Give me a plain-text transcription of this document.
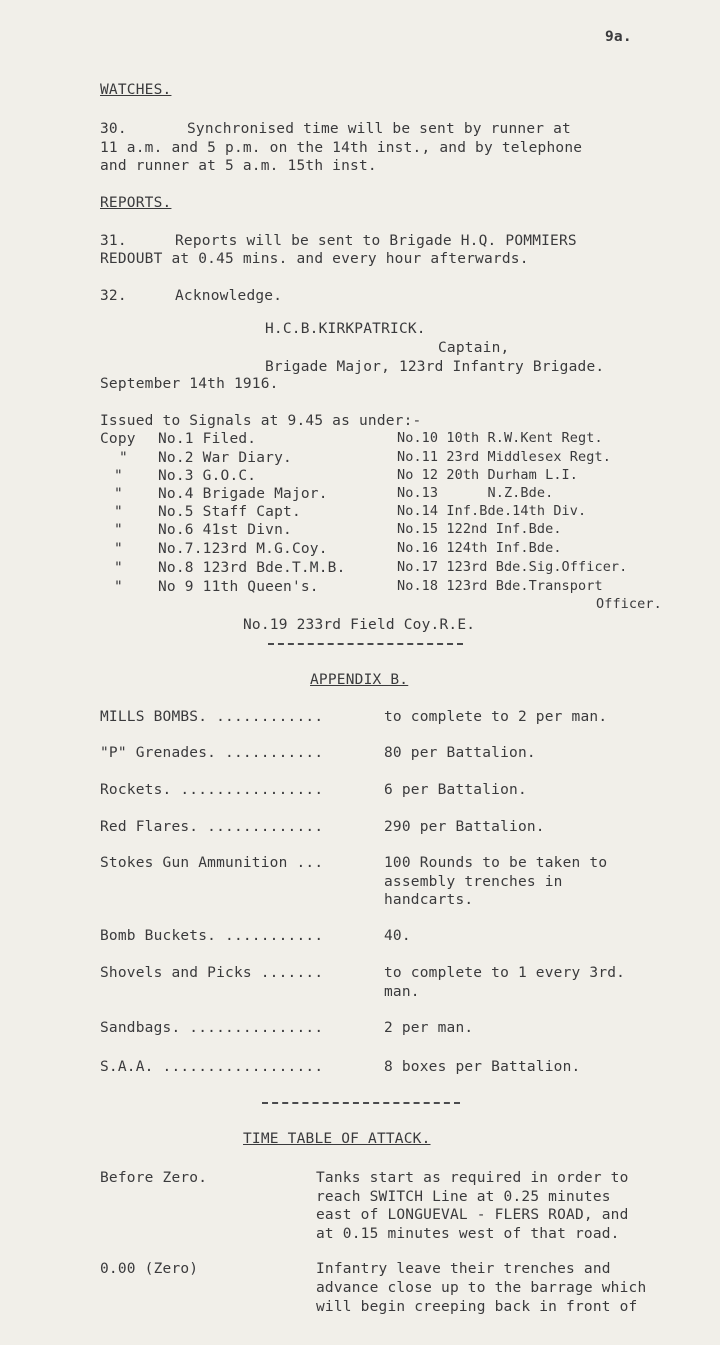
9a.
WATCHES.
30.	Synchronised time will be sent by runner at
11 a.m. and 5 p.m. on the 14th inst., and by telephone
and runner at 5 a.m. 15th inst.
REPORTS.
31.	Reports will be sent to Brigade H.Q. POMMIERS
REDOUBT at 0.45 mins. and every hour afterwards.
32.	Acknowledge.
H.C.B.KIRKPATRICK.
Captain,
Brigade Major, 123rd Infantry Brigade.
September 14th 1916.
Issued to Signals at 9.45 as under:-
Copy No.1 Filed.
" No.2 War Diary.
" No.3 G.O.C.
" No.4 Brigade Major.
" No.5 Staff Capt.
" No.6 41st Divn.
" No.7.123rd M.G.Coy.
" No.8 123rd Bde.T.M.B.
" No 9 11th Queen's.
No.10 10th R.W.Kent Regt.
No.11 23rd Middlesex Regt.
No 12 20th Durham L.I.
No.13      N.Z.Bde.
No.14 Inf.Bde.14th Div.
No.15 122nd Inf.Bde.
No.16 124th Inf.Bde.
No.17 123rd Bde.Sig.Officer.
No.18 123rd Bde.Transport
Officer.
No.19 233rd Field Coy.R.E.
APPENDIX B.
MILLS BOMBS. ............	to complete to 2 per man.
"P" Grenades. ...........	80 per Battalion.
Rockets. ................	6 per Battalion.
Red Flares. .............	290 per Battalion.
Stokes Gun Ammunition ...	100 Rounds to be taken to
assembly trenches in
handcarts.
Bomb Buckets. ...........	40.
Shovels and Picks .......	to complete to 1 every 3rd.
man.
Sandbags. ...............	2 per man.
S.A.A. ..................	8 boxes per Battalion.
TIME TABLE OF ATTACK.
Before Zero.	Tanks start as required in order to
reach SWITCH Line at 0.25 minutes
east of LONGUEVAL - FLERS ROAD, and
at 0.15 minutes west of that road.
0.00 (Zero)	Infantry leave their trenches and
advance close up to the barrage which
will begin creeping back in front of
